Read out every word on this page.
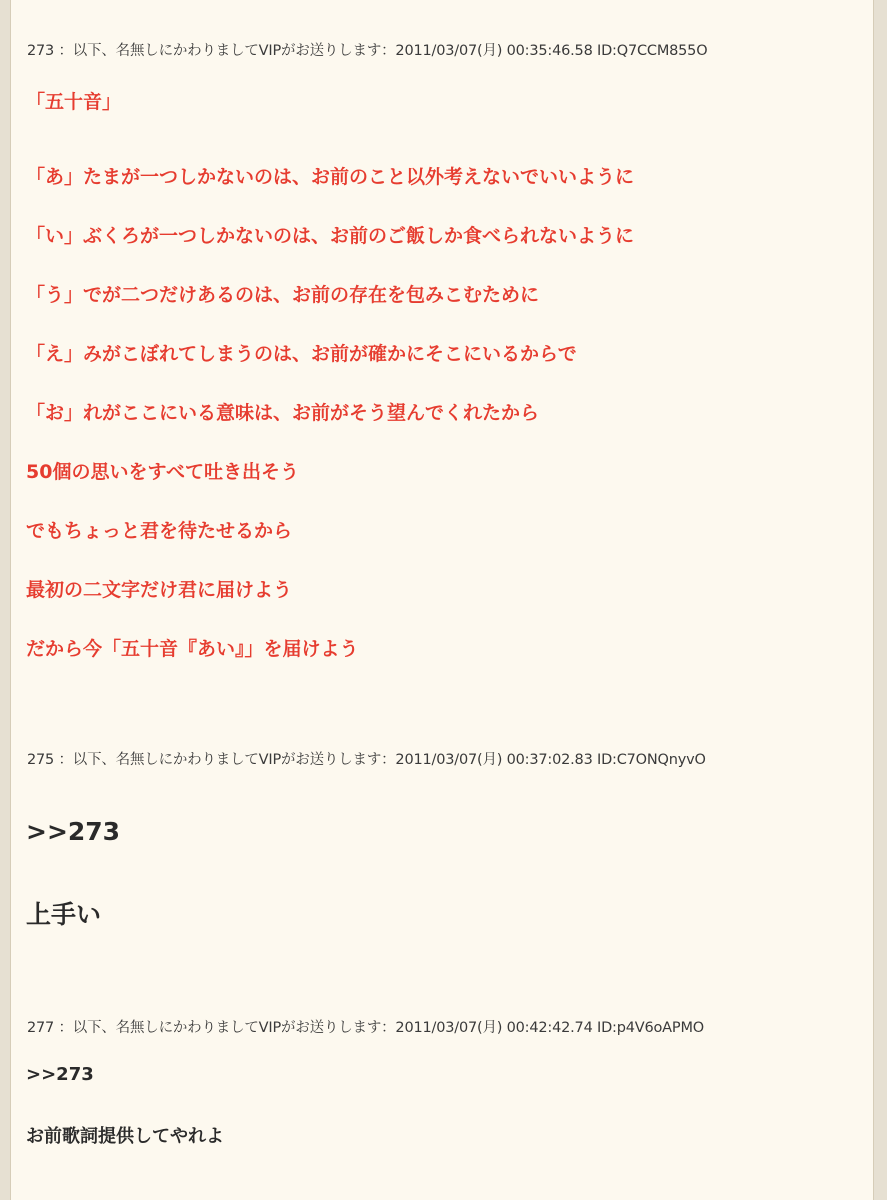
273 ：以下、名無しにかわりましてVIPがお送りします：2011/03/07(月) 00:35:46.58 ID:Q7CCM855O
「五十音」
「あ」たまが一つしかないのは、お前のこと以外考えないでいいように
「い」ぶくろが一つしかないのは、お前のご飯しか食べられないように
「う」でが二つだけあるのは、お前の存在を包みこむために
「え」みがこぼれてしまうのは、お前が確かにそこにいるからで
「お」れがここにいる意味は、お前がそう望んでくれたから
50個の思いをすべて吐き出そう
でもちょっと君を待たせるから
最初の二文字だけ君に届けよう
だから今「五十音『あい』」を届けよう
275 ：以下、名無しにかわりましてVIPがお送りします：2011/03/07(月) 00:37:02.83 ID:C7ONQnyvO
>>273
上手い
277 ：以下、名無しにかわりましてVIPがお送りします：2011/03/07(月) 00:42:42.74 ID:p4V6oAPMO
>>273
お前歌詞提供してやれよ
